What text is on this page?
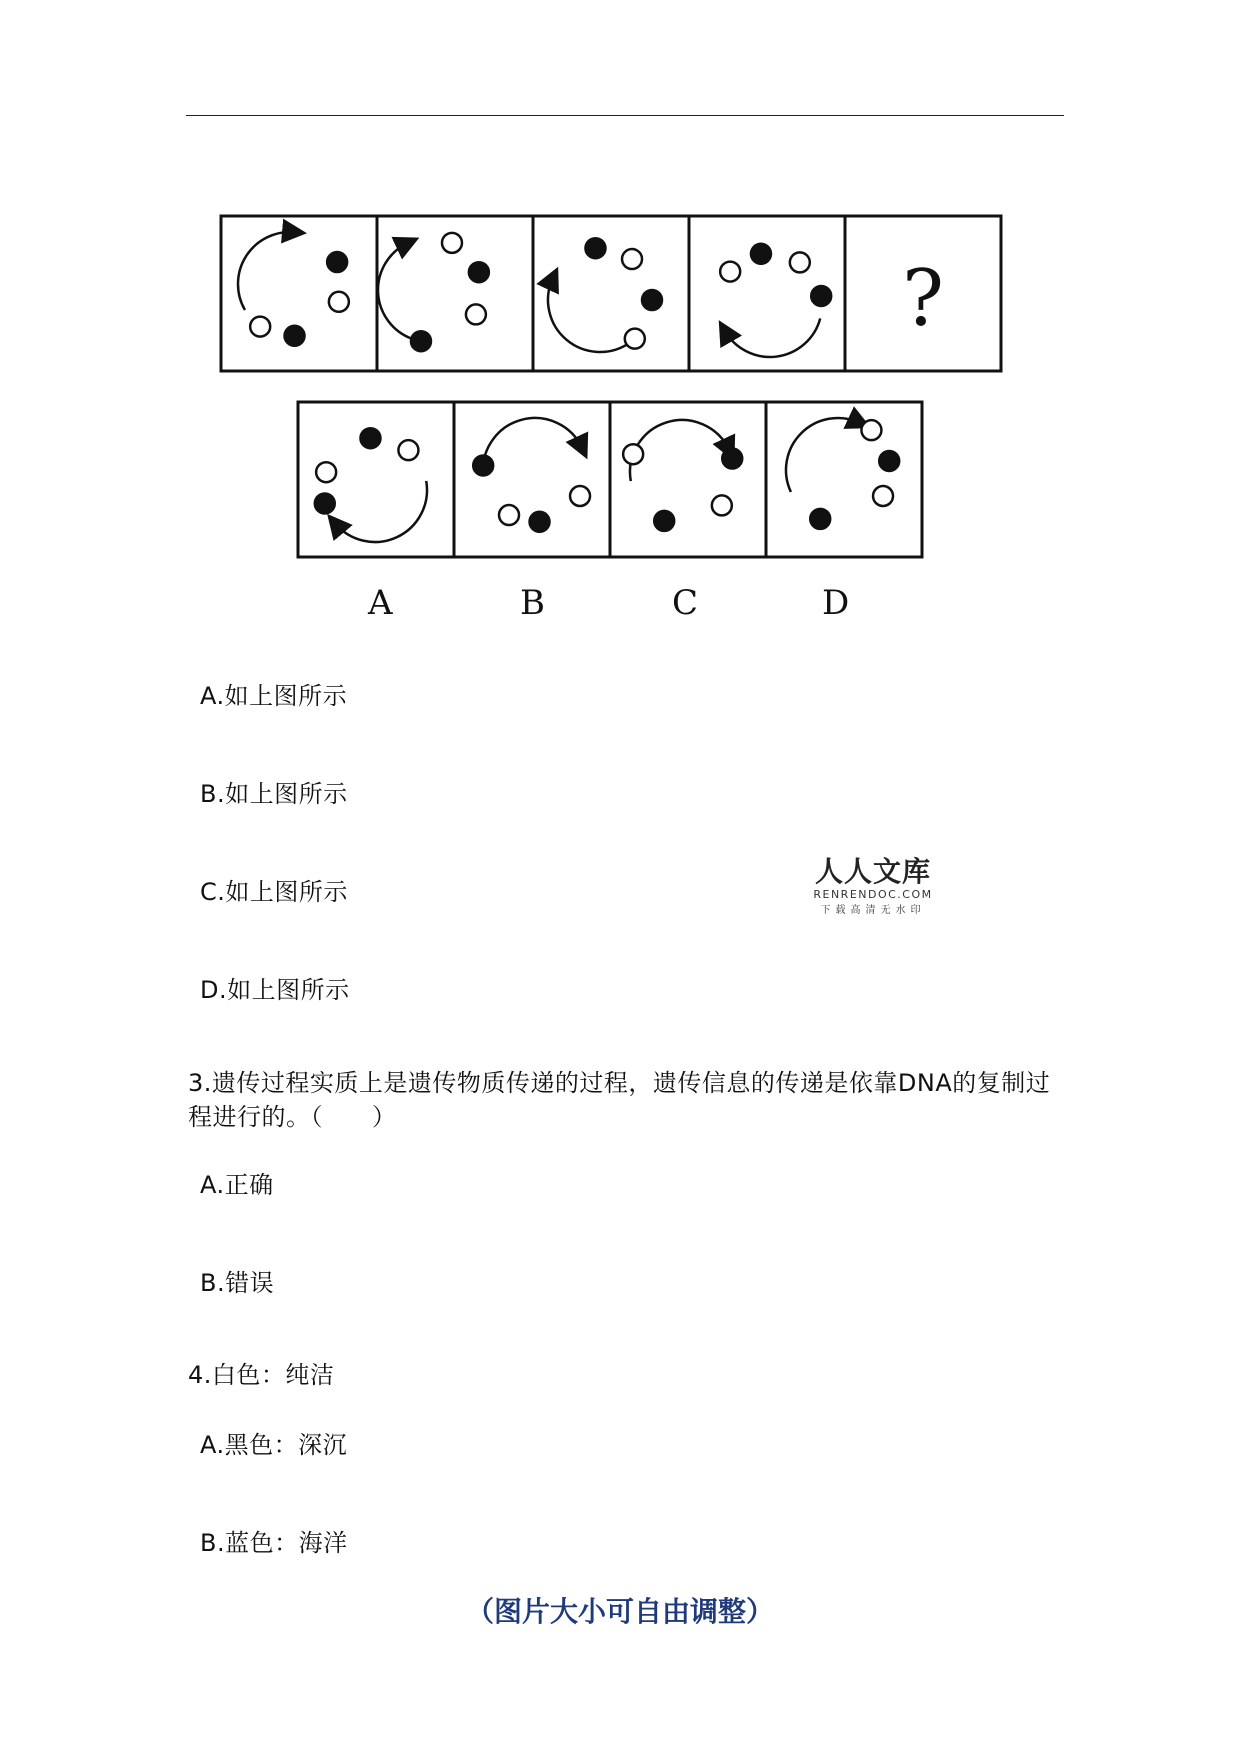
?
A	B	C	D
A.如上图所示
B.如上图所示
C.如上图所示
D.如上图所示
人人文库
RENRENDOC.COM
下载高清无水印
3.遗传过程实质上是遗传物质传递的过程，遗传信息的传递是依靠DNA的复制过程进行的。（　　）
A.正确
B.错误
4.白色：纯洁
A.黑色：深沉
B.蓝色：海洋
（图片大小可自由调整）
